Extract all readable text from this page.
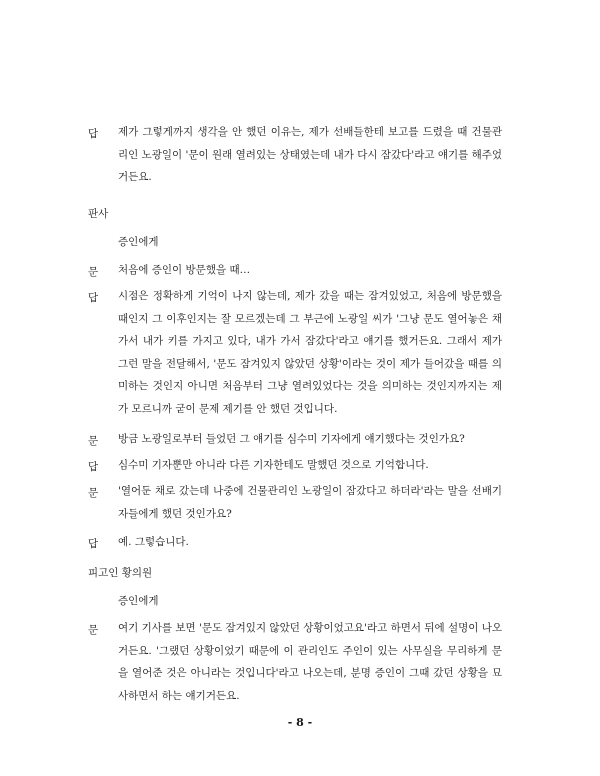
답 제가 그렇게까지 생각을 안 했던 이유는, 제가 선배들한테 보고를 드렸을 때 건물관리인 노광일이 '문이 원래 열려있는 상태였는데 내가 다시 잠갔다'라고 얘기를 해주었거든요.
판사
증인에게
문 처음에 증인이 방문했을 때…
답 시점은 정확하게 기억이 나지 않는데, 제가 갔을 때는 잠겨있었고, 처음에 방문했을 때인지 그 이후인지는 잘 모르겠는데 그 부근에 노광일 씨가 '그냥 문도 열어놓은 채 가서 내가 키를 가지고 있다, 내가 가서 잠갔다'라고 얘기를 했거든요. 그래서 제가 그런 말을 전달해서, '문도 잠겨있지 않았던 상황'이라는 것이 제가 들어갔을 때를 의미하는 것인지 아니면 처음부터 그냥 열려있었다는 것을 의미하는 것인지까지는 제가 모르니까 굳이 문제 제기를 안 했던 것입니다.
문 방금 노광일로부터 들었던 그 얘기를 심수미 기자에게 얘기했다는 것인가요?
답 심수미 기자뿐만 아니라 다른 기자한테도 말했던 것으로 기억합니다.
문 '열어둔 채로 갔는데 나중에 건물관리인 노광일이 잠갔다고 하더라'라는 말을 선배기자들에게 했던 것인가요?
답 예. 그렇습니다.
피고인 황의원
증인에게
문 여기 기사를 보면 '문도 잠겨있지 않았던 상황이었고요'라고 하면서 뒤에 설명이 나오거든요. '그랬던 상황이었기 때문에 이 관리인도 주인이 있는 사무실을 무리하게 문을 열어준 것은 아니라는 것입니다'라고 나오는데, 분명 증인이 그때 갔던 상황을 묘사하면서 하는 얘기거든요.
- 8 -
